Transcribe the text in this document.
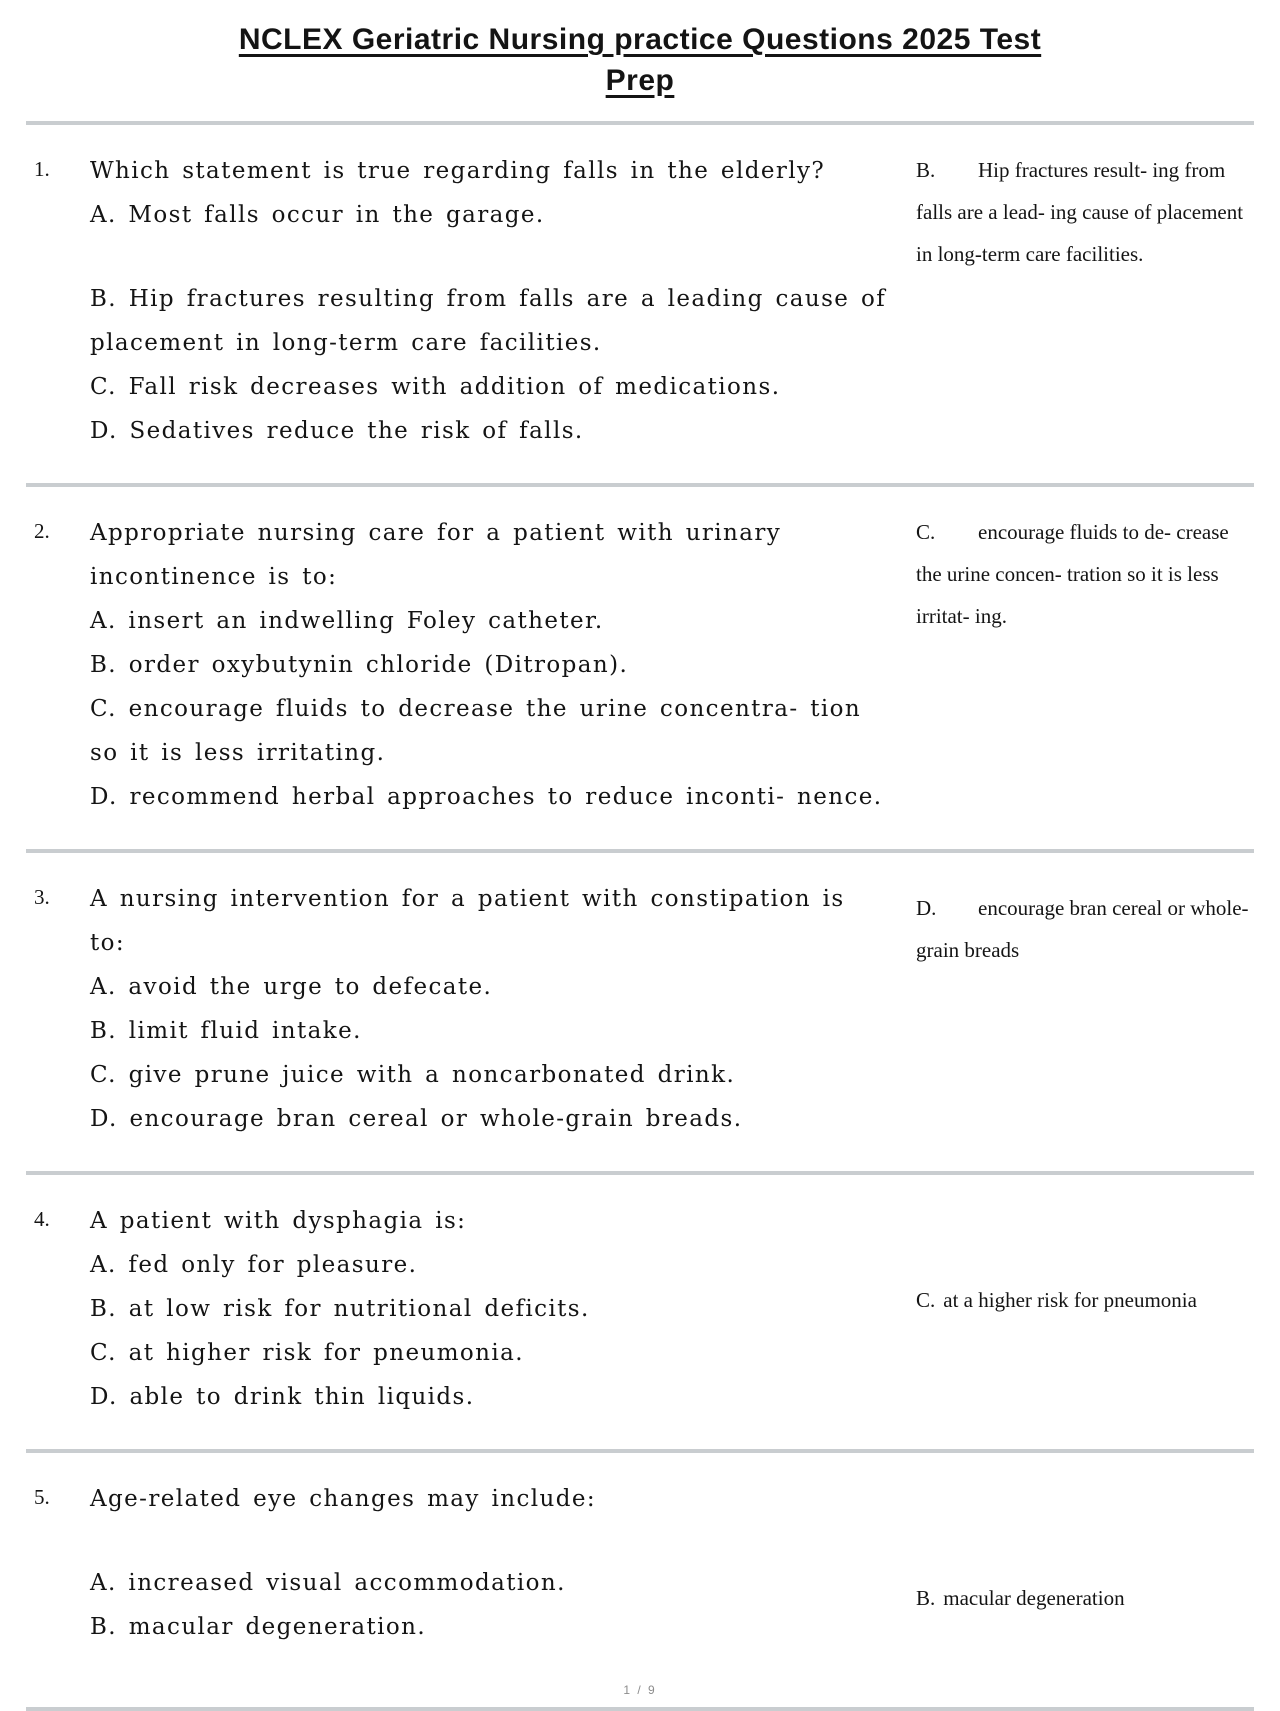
NCLEX Geriatric Nursing practice Questions 2025 Test
Prep
1.	Which statement is true regarding falls in the elderly?

A. Most falls occur in the garage.

B. Hip fractures resulting from falls are a leading cause of placement in long-term care facilities.

C. Fall risk decreases with addition of medications.

D. Sedatives reduce the risk of falls.

B. Hip fractures result- ing from falls are a lead- ing cause of placement in long-term care facilities.
2.	Appropriate nursing care for a patient with urinary incontinence is to:

A. insert an indwelling Foley catheter.

B. order oxybutynin chloride (Ditropan).

C. encourage fluids to decrease the urine concentra- tion so it is less irritating.

D. recommend herbal approaches to reduce inconti- nence.

C. encourage fluids to de- crease the urine concen- tration so it is less irritat- ing.
3.	A nursing intervention for a patient with constipation is to:

A. avoid the urge to defecate.

B. limit fluid intake.

C. give prune juice with a noncarbonated drink.

D. encourage bran cereal or whole-grain breads.

D. encourage bran cereal or whole-grain breads
4.	A patient with dysphagia is:

A. fed only for pleasure.

B. at low risk for nutritional deficits.

C. at higher risk for pneumonia.

D. able to drink thin liquids.

C. at a higher risk for pneumonia
5.	Age-related eye changes may include:

A. increased visual accommodation.

B. macular degeneration.

B. macular degeneration
1 / 9
